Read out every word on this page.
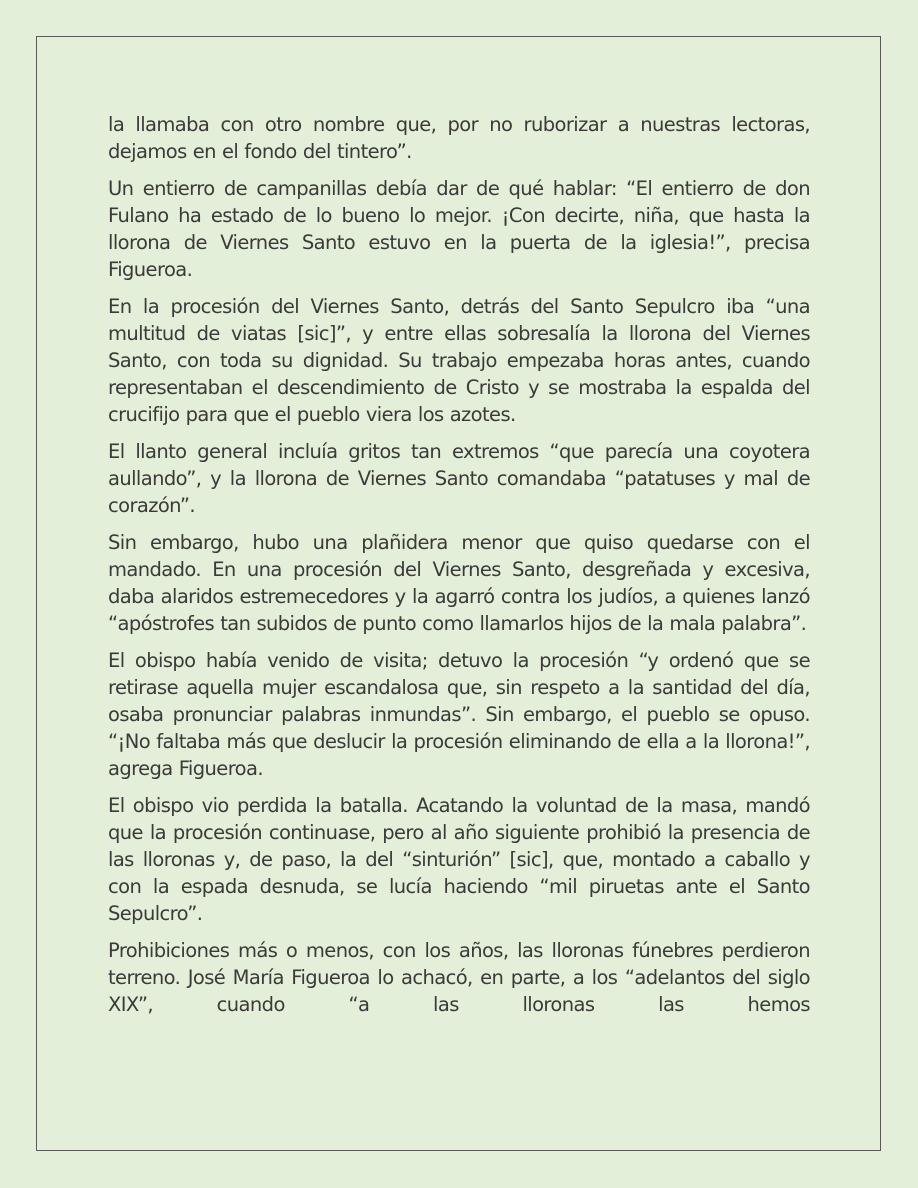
la llamaba con otro nombre que, por no ruborizar a nuestras lectoras, dejamos en el fondo del tintero”.

Un entierro de campanillas debía dar de qué hablar: “El entierro de don Fulano ha estado de lo bueno lo mejor. ¡Con decirte, niña, que hasta la llorona de Viernes Santo estuvo en la puerta de la iglesia!”, precisa Figueroa.

En la procesión del Viernes Santo, detrás del Santo Sepulcro iba “una multitud de viatas [sic]”, y entre ellas sobresalía la llorona del Viernes Santo, con toda su dignidad. Su trabajo empezaba horas antes, cuando representaban el descendimiento de Cristo y se mostraba la espalda del crucifijo para que el pueblo viera los azotes.

El llanto general incluía gritos tan extremos “que parecía una coyotera aullando”, y la llorona de Viernes Santo comandaba “patatuses y mal de corazón”.

Sin embargo, hubo una plañidera menor que quiso quedarse con el mandado. En una procesión del Viernes Santo, desgreñada y excesiva, daba alaridos estremecedores y la agarró contra los judíos, a quienes lanzó “apóstrofes tan subidos de punto como llamarlos hijos de la mala palabra”.

El obispo había venido de visita; detuvo la procesión “y ordenó que se retirase aquella mujer escandalosa que, sin respeto a la santidad del día, osaba pronunciar palabras inmundas”. Sin embargo, el pueblo se opuso. “¡No faltaba más que deslucir la procesión eliminando de ella a la llorona!”, agrega Figueroa.

El obispo vio perdida la batalla. Acatando la voluntad de la masa, mandó que la procesión continuase, pero al año siguiente prohibió la presencia de las lloronas y, de paso, la del “sinturión” [sic], que, montado a caballo y con la espada desnuda, se lucía haciendo “mil piruetas ante el Santo Sepulcro”.

Prohibiciones más o menos, con los años, las lloronas fúnebres perdieron terreno. José María Figueroa lo achacó, en parte, a los “adelantos del siglo XIX”, cuando “a las lloronas las hemos
